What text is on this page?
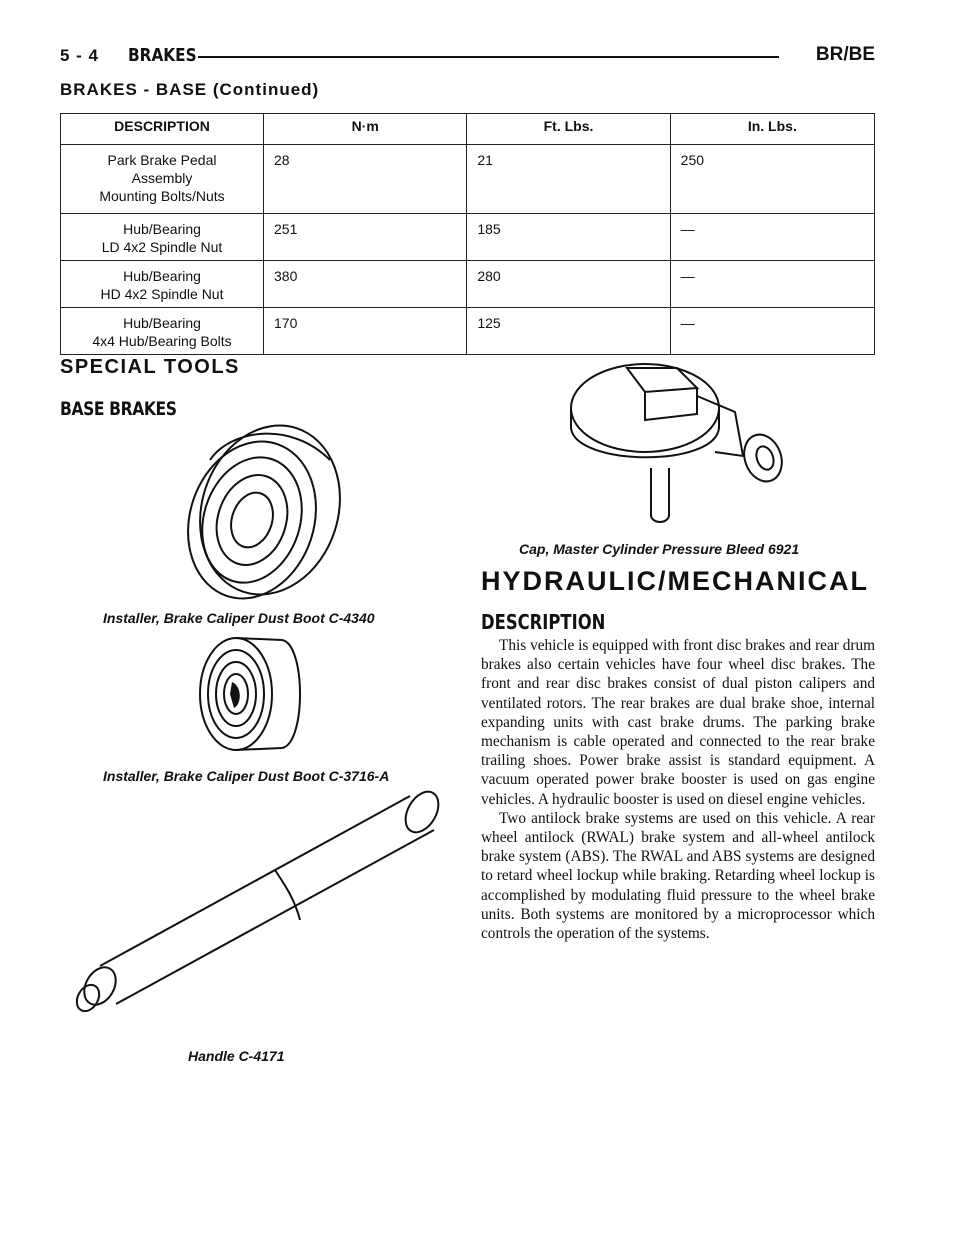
5 - 4 BRAKES	BR/BE
BRAKES - BASE (Continued)
DESCRIPTION	N·m	Ft. Lbs.	In. Lbs.

Park Brake Pedal
Assembly
Mounting Bolts/Nuts	28	21	250

Hub/Bearing
LD 4x2 Spindle Nut	251	185	—

Hub/Bearing
HD 4x2 Spindle Nut	380	280	—

Hub/Bearing
4x4 Hub/Bearing Bolts	170	125	—
SPECIAL TOOLS
BASE BRAKES
Installer, Brake Caliper Dust Boot C-4340
Installer, Brake Caliper Dust Boot C-3716-A
Handle C-4171
Cap, Master Cylinder Pressure Bleed 6921
HYDRAULIC/MECHANICAL
DESCRIPTION

This vehicle is equipped with front disc brakes and rear drum brakes also certain vehicles have four wheel disc brakes. The front and rear disc brakes consist of dual piston calipers and ventilated rotors. The rear brakes are dual brake shoe, internal expanding units with cast brake drums. The parking brake mechanism is cable operated and connected to the rear brake trailing shoes. Power brake assist is standard equipment. A vacuum operated power brake booster is used on gas engine vehicles. A hydraulic booster is used on diesel engine vehicles.

Two antilock brake systems are used on this vehicle. A rear wheel antilock (RWAL) brake system and all-wheel antilock brake system (ABS). The RWAL and ABS systems are designed to retard wheel lockup while braking. Retarding wheel lockup is accomplished by modulating fluid pressure to the wheel brake units. Both systems are monitored by a microprocessor which controls the operation of the systems.
